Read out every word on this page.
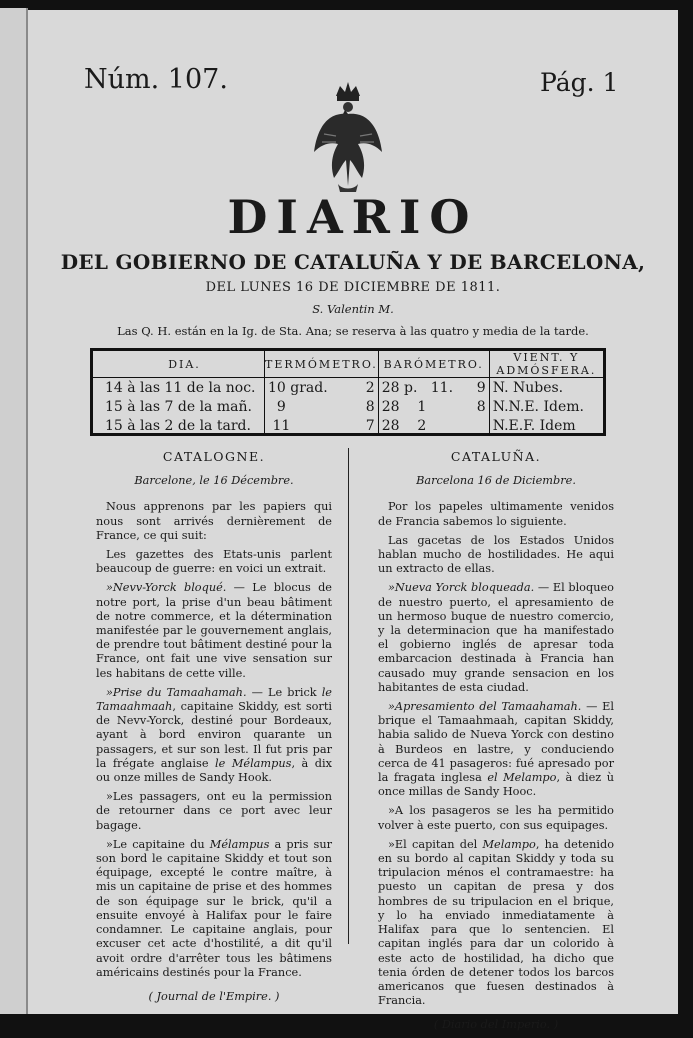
Núm. 107.	Pág. 1
DIARIO
DEL GOBIERNO DE CATALUÑA Y DE BARCELONA,
DEL LUNES 16 DE DICIEMBRE DE 1811.
S. Valentin M.
Las Q. H. están en la Ig. de Sta. Ana; se reserva à las quatro y media de la tarde.
DIA.	TERMÓMETRO.	BARÓMETRO.	VIENT. Y ADMÓSFERA.
14 à las 11 de la noc.	10 grad. 2	28 p. 11. 9	N. Nubes.
15 à las 7 de la mañ.	9 8	28 1 8	N.N.E. Idem.
15 à las 2 de la tard.	11 7	28 2	N.E.F. Idem

CATALOGNE.

Barcelone, le 16 Décembre.

Nous apprenons par les papiers qui nous sont arrivés dernièrement de France, ce qui suit:

Les gazettes des Etats-unis parlent beaucoup de guerre: en voici un extrait.

»Nevv-Yorck bloqué. — Le blocus de notre port, la prise d'un beau bâtiment de notre commerce, et la détermination manifestée par le gouvernement anglais, de prendre tout bâtiment destiné pour la France, ont fait une vive sensation sur les habitans de cette ville.

»Prise du Tamaahamah. — Le brick le Tamaahmaah, capitaine Skiddy, est sorti de Nevv-Yorck, destiné pour Bordeaux, ayant à bord environ quarante un passagers, et sur son lest. Il fut pris par la frégate anglaise le Mélampus, à dix ou onze milles de Sandy Hook.

»Les passagers, ont eu la permission de retourner dans ce port avec leur bagage.

»Le capitaine du Mélampus a pris sur son bord le capitaine Skiddy et tout son équipage, excepté le contre maître, à mis un capitaine de prise et des hommes de son équipage sur le brick, qu'il a ensuite envoyé à Halifax pour le faire condamner. Le capitaine anglais, pour excuser cet acte d'hostilité, a dit qu'il avoit ordre d'arrêter tous les bâtimens américains destinés pour la France.

( Journal de l'Empire. )

CATALUÑA.

Barcelona 16 de Diciembre.

Por los papeles ultimamente venidos de Francia sabemos lo siguiente.

Las gacetas de los Estados Unidos hablan mucho de hostilidades. He aqui un extracto de ellas.

»Nueva Yorck bloqueada. — El bloqueo de nuestro puerto, el apresamiento de un hermoso buque de nuestro comercio, y la determinacion que ha manifestado el gobierno inglés de apresar toda embarcacion destinada à Francia han causado muy grande sensacion en los habitantes de esta ciudad.

»Apresamiento del Tamaahamah. — El brique el Tamaahmaah, capitan Skiddy, habia salido de Nueva Yorck con destino à Burdeos en lastre, y conduciendo cerca de 41 pasageros: fué apresado por la fragata inglesa el Melampo, à diez ù once millas de Sandy Hooc.

»A los pasageros se les ha permitido volver à este puerto, con sus equipages.

»El capitan del Melampo, ha detenido en su bordo al capitan Skiddy y toda su tripulacion ménos el contramaestre: ha puesto un capitan de presa y dos hombres de su tripulacion en el brique, y lo ha enviado inmediatamente à Halifax para que lo sentencien. El capitan inglés para dar un colorido à este acto de hostilidad, ha dicho que tenia órden de detener todos los barcos americanos que fuesen destinados à Francia.

( Diario del Imperio. )
